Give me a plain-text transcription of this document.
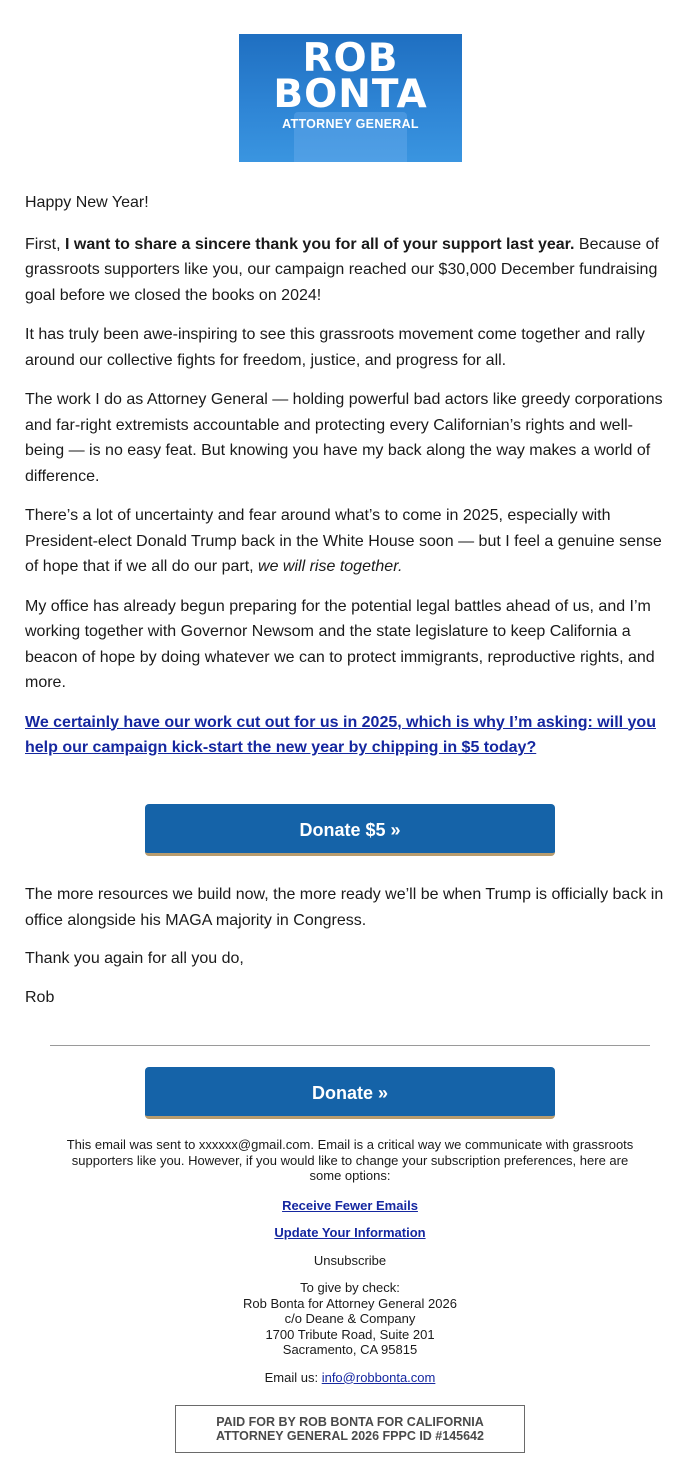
ROB
BONTA
ATTORNEY GENERAL

Happy New Year!

First, I want to share a sincere thank you for all of your support last year. Because of grassroots supporters like you, our campaign reached our $30,000 December fundraising goal before we closed the books on 2024!

It has truly been awe-inspiring to see this grassroots movement come together and rally around our collective fights for freedom, justice, and progress for all.

The work I do as Attorney General — holding powerful bad actors like greedy corporations and far-right extremists accountable and protecting every Californian’s rights and well-being — is no easy feat. But knowing you have my back along the way makes a world of difference.

There’s a lot of uncertainty and fear around what’s to come in 2025, especially with President-elect Donald Trump back in the White House soon — but I feel a genuine sense of hope that if we all do our part, we will rise together.

My office has already begun preparing for the potential legal battles ahead of us, and I’m working together with Governor Newsom and the state legislature to keep California a beacon of hope by doing whatever we can to protect immigrants, reproductive rights, and more.

We certainly have our work cut out for us in 2025, which is why I’m asking: will you help our campaign kick-start the new year by chipping in $5 today?

Donate $5 »

The more resources we build now, the more ready we’ll be when Trump is officially back in office alongside his MAGA majority in Congress.

Thank you again for all you do,

Rob

Donate »

This email was sent to xxxxxx@gmail.com. Email is a critical way we communicate with grassroots supporters like you. However, if you would like to change your subscription preferences, here are some options:

Receive Fewer Emails
Update Your Information
Unsubscribe
To give by check:
Rob Bonta for Attorney General 2026
c/o Deane & Company
1700 Tribute Road, Suite 201
Sacramento, CA 95815
Email us: info@robbonta.com
PAID FOR BY ROB BONTA FOR CALIFORNIA
ATTORNEY GENERAL 2026 FPPC ID #145642
